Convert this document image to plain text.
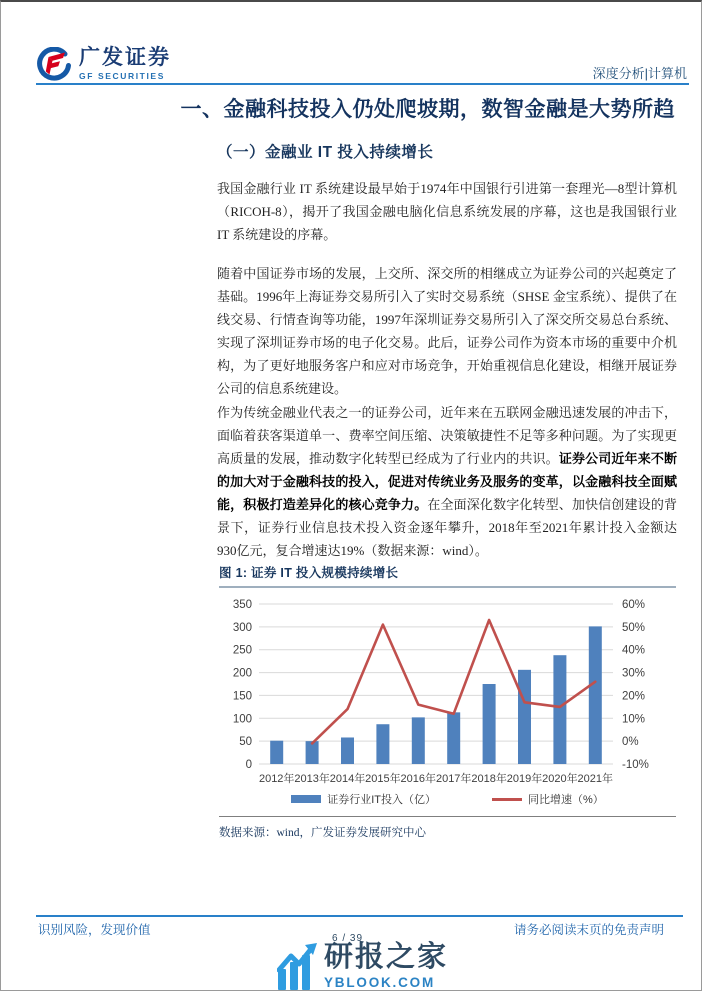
广发证券
GF SECURITIES	深度分析|计算机
一、金融科技投入仍处爬坡期，数智金融是大势所趋
（一）金融业 IT 投入持续增长

我国金融行业 IT 系统建设最早始于1974年中国银行引进第一套理光—8型计算机（RICOH-8），揭开了我国金融电脑化信息系统发展的序幕，这也是我国银行业 IT 系统建设的序幕。

随着中国证券市场的发展，上交所、深交所的相继成立为证券公司的兴起奠定了基础。1996年上海证券交易所引入了实时交易系统（SHSE 金宝系统）、提供了在线交易、行情查询等功能，1997年深圳证券交易所引入了深交所交易总台系统、实现了深圳证券市场的电子化交易。此后，证券公司作为资本市场的重要中介机构，为了更好地服务客户和应对市场竞争，开始重视信息化建设，相继开展证券公司的信息系统建设。

作为传统金融业代表之一的证券公司，近年来在五联网金融迅速发展的冲击下，面临着获客渠道单一、费率空间压缩、决策敏捷性不足等多种问题。为了实现更高质量的发展，推动数字化转型已经成为了行业内的共识。证券公司近年来不断的加大对于金融科技的投入，促进对传统业务及服务的变革，以金融科技全面赋能，积极打造差异化的核心竞争力。在全面深化数字化转型、加快信创建设的背景下，证券行业信息技术投入资金逐年攀升，2018年至2021年累计投入金额达930亿元，复合增速达19%（数据来源：wind）。

图 1: 证券 IT 投入规模持续增长
0
50
100
150
200
250
300
350
-10%
0%
10%
20%
30%
40%
50%
60%
2012年 2013年 2014年 2015年 2016年 2017年 2018年 2019年 2020年 2021年
证券行业IT投入（亿）	同比增速（%）
数据来源：wind，广发证券发展研究中心
识别风险，发现价值	请务必阅读末页的免责声明
6 / 39
研报之家
YBLOOK.COM
